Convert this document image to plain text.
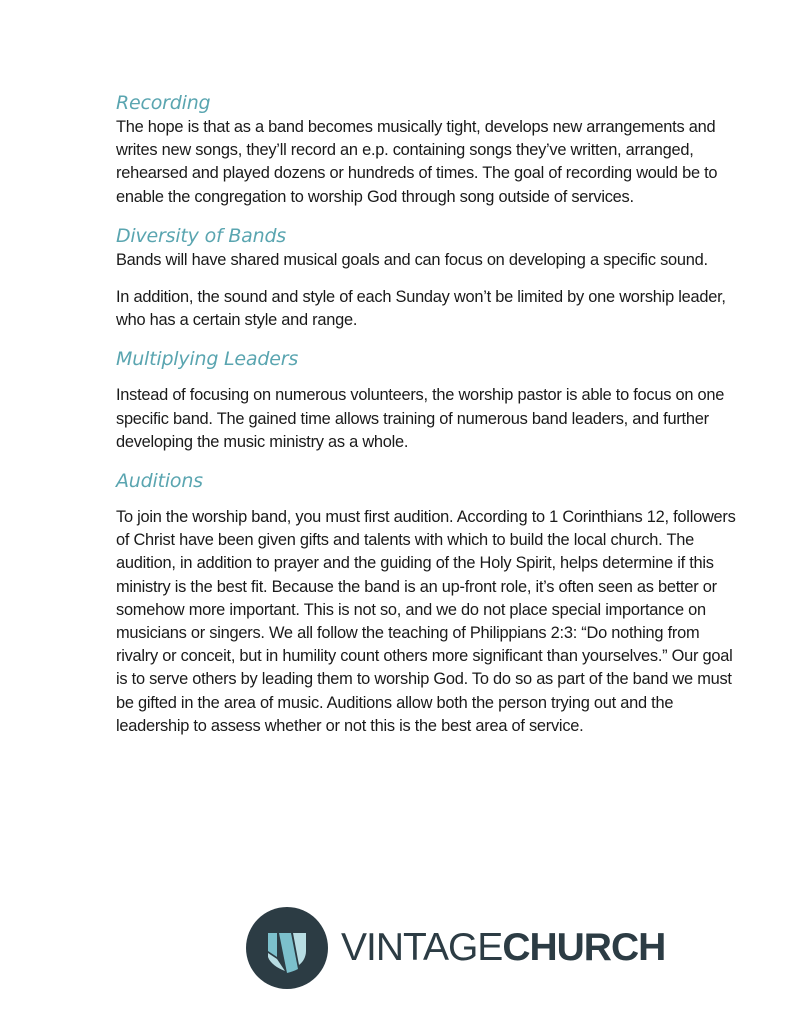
Recording

The hope is that as a band becomes musically tight, develops new arrangements and writes new songs, they’ll record an e.p. containing songs they’ve written, arranged, rehearsed and played dozens or hundreds of times. The goal of recording would be to enable the congregation to worship God through song outside of services.

Diversity of Bands

Bands will have shared musical goals and can focus on developing a specific sound.

In addition, the sound and style of each Sunday won’t be limited by one worship leader, who has a certain style and range.

Multiplying Leaders

Instead of focusing on numerous volunteers, the worship pastor is able to focus on one specific band. The gained time allows training of numerous band leaders, and further developing the music ministry as a whole.

Auditions

To join the worship band, you must first audition. According to 1 Corinthians 12, followers of Christ have been given gifts and talents with which to build the local church. The audition, in addition to prayer and the guiding of the Holy Spirit, helps determine if this ministry is the best fit. Because the band is an up-front role, it’s often seen as better or somehow more important. This is not so, and we do not place special importance on musicians or singers. We all follow the teaching of Philippians 2:3: “Do nothing from rivalry or conceit, but in humility count others more significant than yourselves.” Our goal is to serve others by leading them to worship God. To do so as part of the band we must be gifted in the area of music. Auditions allow both the person trying out and the leadership to assess whether or not this is the best area of service.

VINTAGECHURCH
